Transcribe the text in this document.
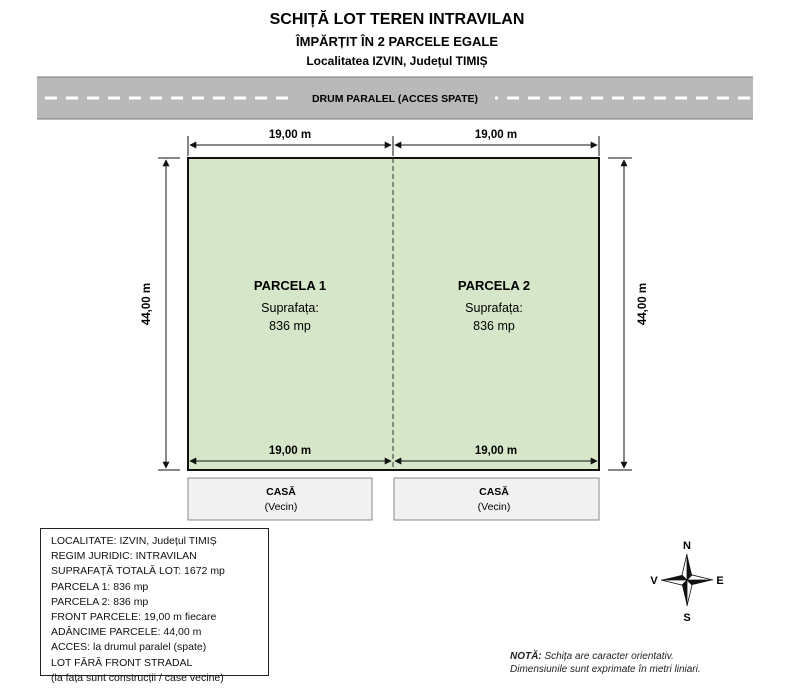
SCHIȚĂ LOT TEREN INTRAVILAN
ÎMPĂRȚIT ÎN 2 PARCELE EGALE
Localitatea IZVIN, Județul TIMIȘ
DRUM PARALEL (ACCES SPATE)
PARCELA 1
Suprafața:
836 mp
PARCELA 2
Suprafața:
836 mp
19,00 m	19,00 m
19,00 m	19,00 m
44,00 m	44,00 m
CASĂ
(Vecin)
CASĂ
(Vecin)
N
S
E
V
LOCALITATE: IZVIN, Județul TIMIȘ
REGIM JURIDIC: INTRAVILAN
SUPRAFAȚĂ TOTALĂ LOT: 1672 mp
PARCELA 1: 836 mp
PARCELA 2: 836 mp
FRONT PARCELE: 19,00 m fiecare
ADÂNCIME PARCELE: 44,00 m
ACCES: la drumul paralel (spate)
LOT FĂRĂ FRONT STRADAL
(la fața sunt construcții / case vecine)
NOTĂ: Schița are caracter orientativ.
Dimensiunile sunt exprimate în metri liniari.
